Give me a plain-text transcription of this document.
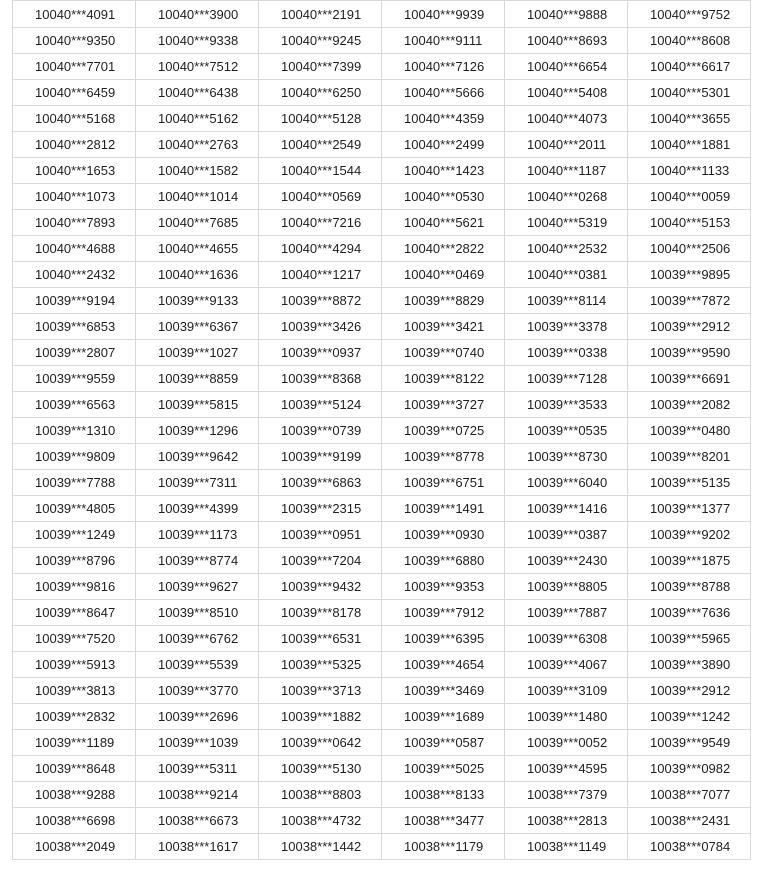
10040***4091	10040***3900	10040***2191	10040***9939	10040***9888	10040***9752
10040***9350	10040***9338	10040***9245	10040***9111	10040***8693	10040***8608
10040***7701	10040***7512	10040***7399	10040***7126	10040***6654	10040***6617
10040***6459	10040***6438	10040***6250	10040***5666	10040***5408	10040***5301
10040***5168	10040***5162	10040***5128	10040***4359	10040***4073	10040***3655
10040***2812	10040***2763	10040***2549	10040***2499	10040***2011	10040***1881
10040***1653	10040***1582	10040***1544	10040***1423	10040***1187	10040***1133
10040***1073	10040***1014	10040***0569	10040***0530	10040***0268	10040***0059
10040***7893	10040***7685	10040***7216	10040***5621	10040***5319	10040***5153
10040***4688	10040***4655	10040***4294	10040***2822	10040***2532	10040***2506
10040***2432	10040***1636	10040***1217	10040***0469	10040***0381	10039***9895
10039***9194	10039***9133	10039***8872	10039***8829	10039***8114	10039***7872
10039***6853	10039***6367	10039***3426	10039***3421	10039***3378	10039***2912
10039***2807	10039***1027	10039***0937	10039***0740	10039***0338	10039***9590
10039***9559	10039***8859	10039***8368	10039***8122	10039***7128	10039***6691
10039***6563	10039***5815	10039***5124	10039***3727	10039***3533	10039***2082
10039***1310	10039***1296	10039***0739	10039***0725	10039***0535	10039***0480
10039***9809	10039***9642	10039***9199	10039***8778	10039***8730	10039***8201
10039***7788	10039***7311	10039***6863	10039***6751	10039***6040	10039***5135
10039***4805	10039***4399	10039***2315	10039***1491	10039***1416	10039***1377
10039***1249	10039***1173	10039***0951	10039***0930	10039***0387	10039***9202
10039***8796	10039***8774	10039***7204	10039***6880	10039***2430	10039***1875
10039***9816	10039***9627	10039***9432	10039***9353	10039***8805	10039***8788
10039***8647	10039***8510	10039***8178	10039***7912	10039***7887	10039***7636
10039***7520	10039***6762	10039***6531	10039***6395	10039***6308	10039***5965
10039***5913	10039***5539	10039***5325	10039***4654	10039***4067	10039***3890
10039***3813	10039***3770	10039***3713	10039***3469	10039***3109	10039***2912
10039***2832	10039***2696	10039***1882	10039***1689	10039***1480	10039***1242
10039***1189	10039***1039	10039***0642	10039***0587	10039***0052	10039***9549
10039***8648	10039***5311	10039***5130	10039***5025	10039***4595	10039***0982
10038***9288	10038***9214	10038***8803	10038***8133	10038***7379	10038***7077
10038***6698	10038***6673	10038***4732	10038***3477	10038***2813	10038***2431
10038***2049	10038***1617	10038***1442	10038***1179	10038***1149	10038***0784
